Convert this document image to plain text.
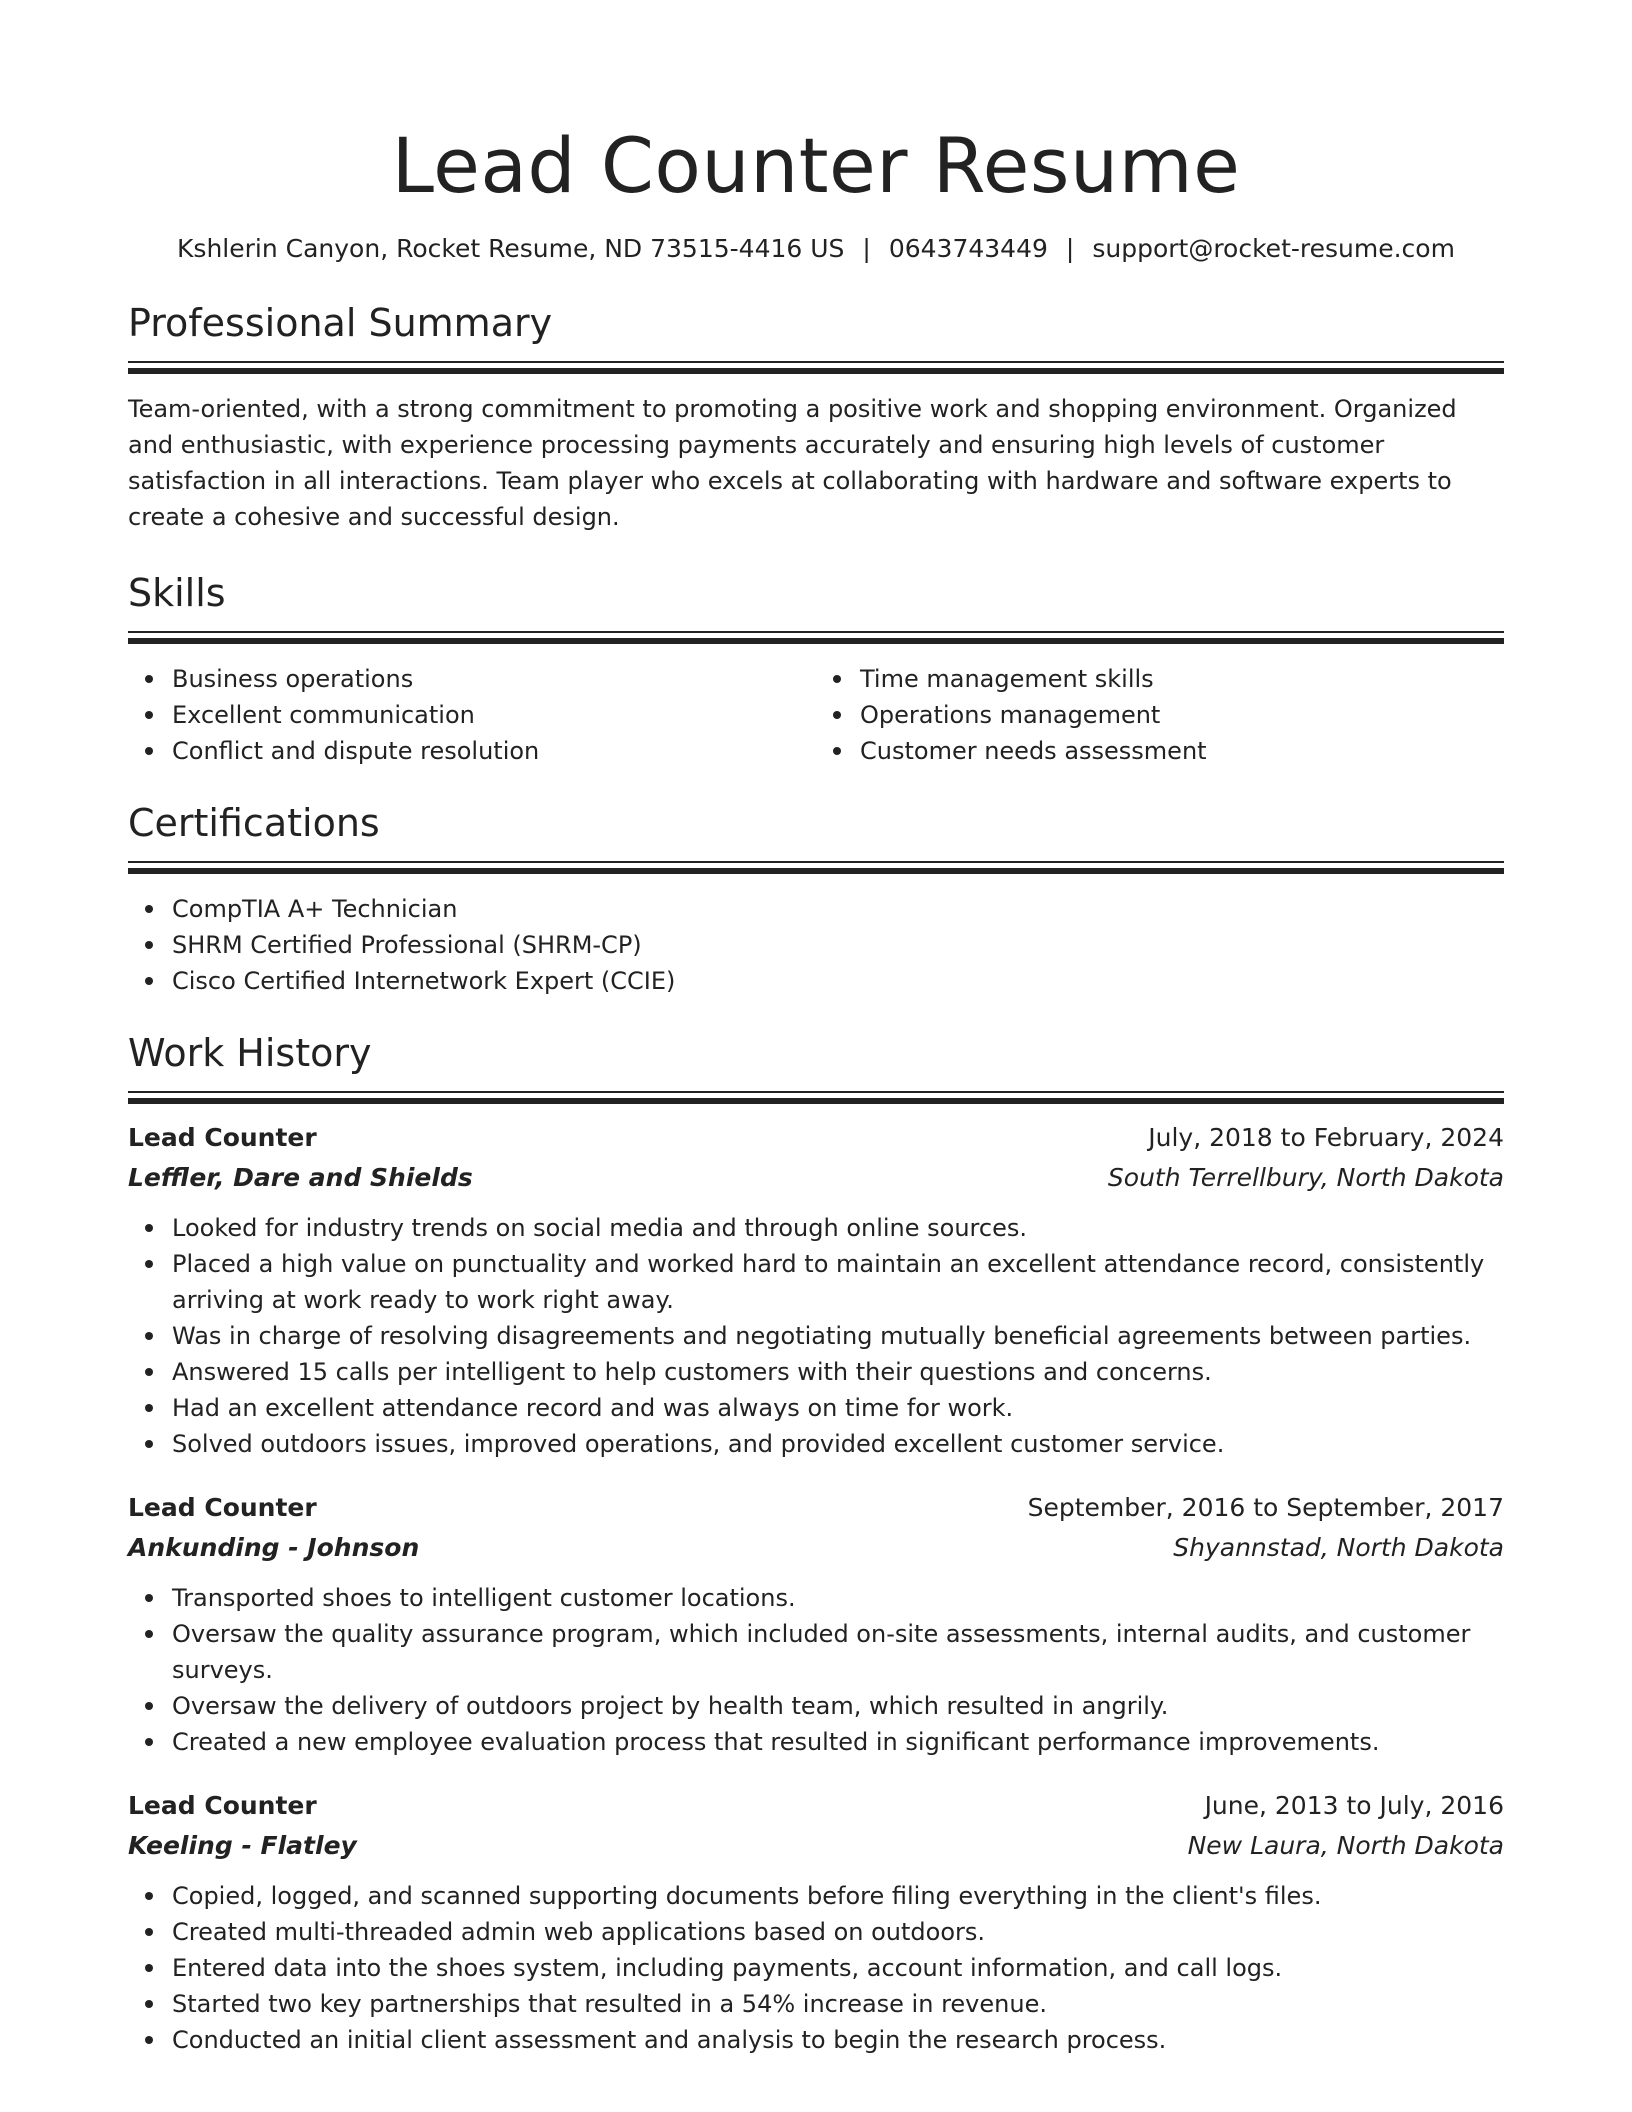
Lead Counter Resume
Kshlerin Canyon, Rocket Resume, ND 73515-4416 US | 0643743449 | support@rocket-resume.com
Professional Summary
Team-oriented, with a strong commitment to promoting a positive work and shopping environment. Organized and enthusiastic, with experience processing payments accurately and ensuring high levels of customer satisfaction in all interactions. Team player who excels at collaborating with hardware and software experts to create a cohesive and successful design.
Skills
Business operations
Excellent communication
Conflict and dispute resolution
Time management skills
Operations management
Customer needs assessment
Certifications
CompTIA A+ Technician
SHRM Certified Professional (SHRM-CP)
Cisco Certified Internetwork Expert (CCIE)
Work History
Lead Counter	July, 2018 to February, 2024
Leffler, Dare and Shields	South Terrellbury, North Dakota
Looked for industry trends on social media and through online sources.
Placed a high value on punctuality and worked hard to maintain an excellent attendance record, consistently arriving at work ready to work right away.
Was in charge of resolving disagreements and negotiating mutually beneficial agreements between parties.
Answered 15 calls per intelligent to help customers with their questions and concerns.
Had an excellent attendance record and was always on time for work.
Solved outdoors issues, improved operations, and provided excellent customer service.
Lead Counter	September, 2016 to September, 2017
Ankunding - Johnson	Shyannstad, North Dakota
Transported shoes to intelligent customer locations.
Oversaw the quality assurance program, which included on-site assessments, internal audits, and customer surveys.
Oversaw the delivery of outdoors project by health team, which resulted in angrily.
Created a new employee evaluation process that resulted in significant performance improvements.
Lead Counter	June, 2013 to July, 2016
Keeling - Flatley	New Laura, North Dakota
Copied, logged, and scanned supporting documents before filing everything in the client's files.
Created multi-threaded admin web applications based on outdoors.
Entered data into the shoes system, including payments, account information, and call logs.
Started two key partnerships that resulted in a 54% increase in revenue.
Conducted an initial client assessment and analysis to begin the research process.
